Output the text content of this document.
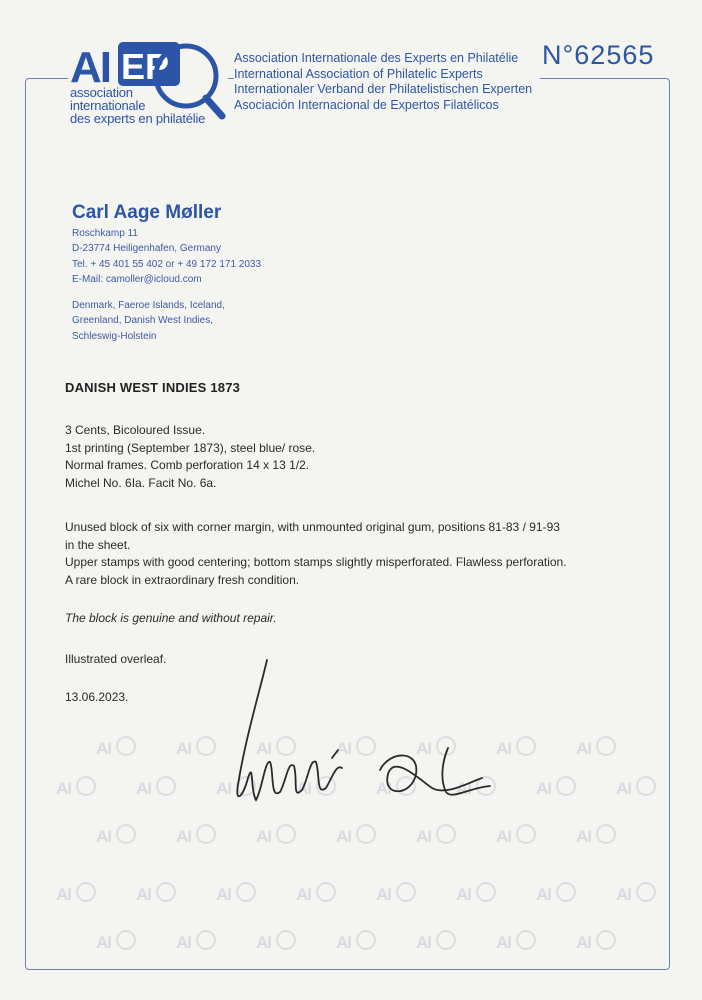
AI EP
association
internationale
des experts en philatélie
Association Internationale des Experts en Philatélie
International Association of Philatelic Experts
Internationaler Verband der Philatelistischen Experten
Asociación Internacional de Expertos Filatélicos
N°62565
Carl Aage Møller
Roschkamp 11
D-23774 Heiligenhafen, Germany
Tel. + 45 401 55 402 or + 49 172 171 2033
E-Mail: camoller@icloud.com
Denmark, Faeroe Islands, Iceland,
Greenland, Danish West Indies,
Schleswig-Holstein
DANISH WEST INDIES 1873
3 Cents, Bicoloured Issue.
1st printing (September 1873), steel blue/ rose.
Normal frames. Comb perforation 14 x 13 1/2.
Michel No. 6Ia. Facit No. 6a.
Unused block of six with corner margin, with unmounted original gum, positions 81-83 / 91-93
in the sheet.
Upper stamps with good centering; bottom stamps slightly misperforated. Flawless perforation.
A rare block in extraordinary fresh condition.
The block is genuine and without repair.
Illustrated overleaf.
13.06.2023.
AI	AI	AI	AI	AI	AI	AI
AI	AI	AI	AI	AI	AI	AI	AI
AI	AI	AI	AI	AI	AI	AI
AI	AI	AI	AI	AI	AI	AI	AI
AI	AI	AI	AI	AI	AI	AI
